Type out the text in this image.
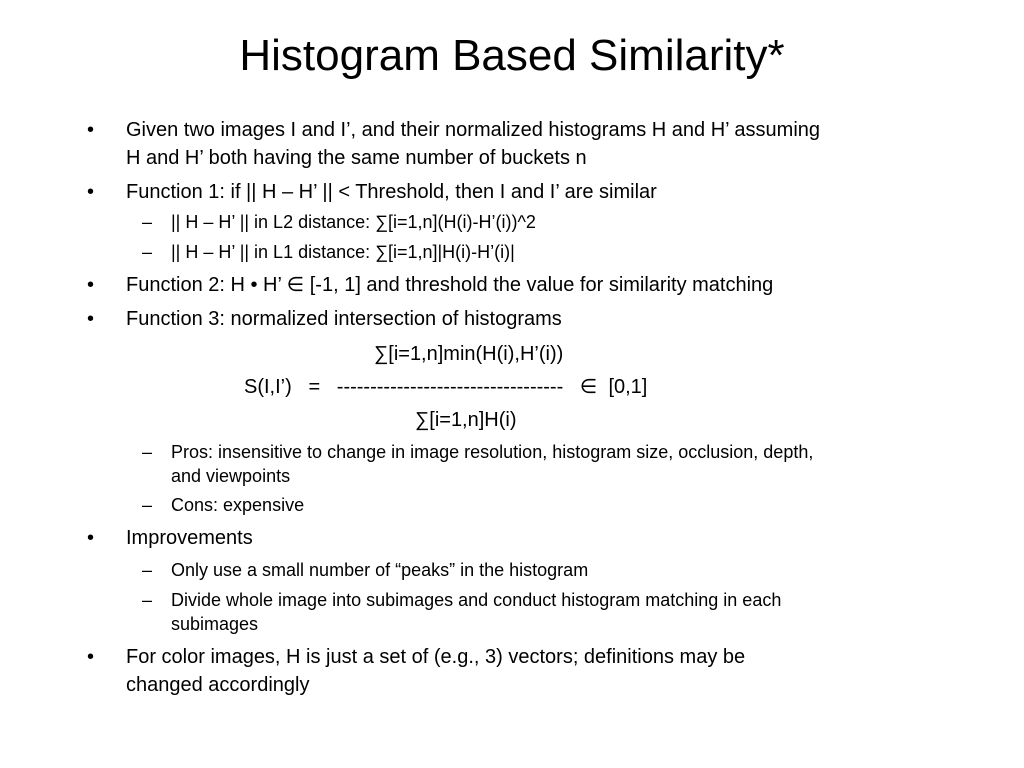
Histogram Based Similarity*
• Given two images I and I’, and their normalized histograms H and H’ assuming
H and H’ both having the same number of buckets n
• Function 1: if || H – H’ || < Threshold, then I and I’ are similar
– || H – H’ || in L2 distance: ∑[i=1,n](H(i)-H’(i))^2
– || H – H’ || in L1 distance: ∑[i=1,n]|H(i)-H’(i)|
• Function 2: H • H’ ∈ [-1, 1] and threshold the value for similarity matching
• Function 3: normalized intersection of histograms
∑[i=1,n]min(H(i),H’(i))
S(I,I’)   =   ----------------------------------   ∈  [0,1]
∑[i=1,n]H(i)
– Pros: insensitive to change in image resolution, histogram size, occlusion, depth,
and viewpoints
– Cons: expensive
• Improvements
– Only use a small number of “peaks” in the histogram
– Divide whole image into subimages and conduct histogram matching in each
subimages
• For color images, H is just a set of (e.g., 3) vectors; definitions may be
changed accordingly
